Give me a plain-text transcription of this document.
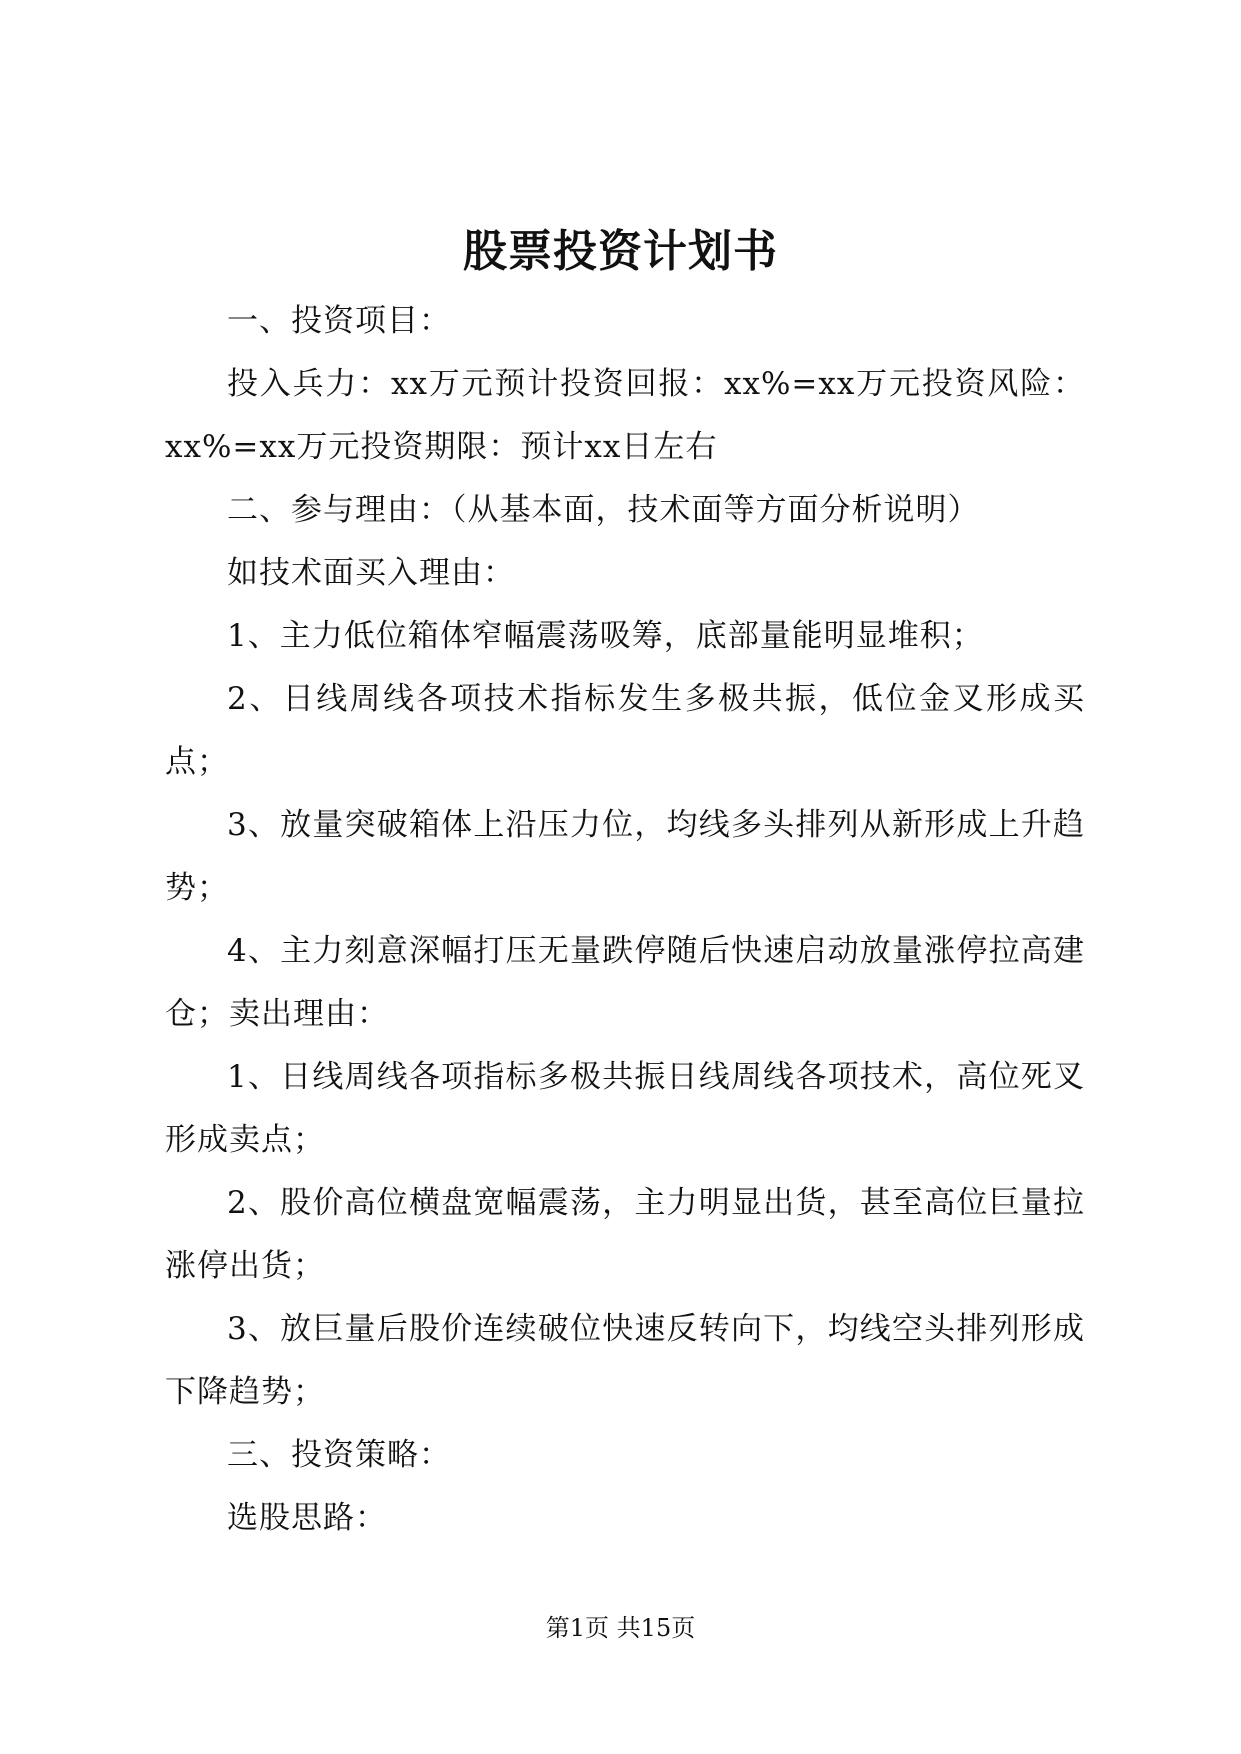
股票投资计划书

一、投资项目：

投入兵力：xx万元预计投资回报：xx%=xx万元投资风险：xx%=xx万元投资期限：预计xx日左右

二、参与理由：（从基本面，技术面等方面分析说明）

如技术面买入理由：

1、主力低位箱体窄幅震荡吸筹，底部量能明显堆积；

2、日线周线各项技术指标发生多极共振，低位金叉形成买点；

3、放量突破箱体上沿压力位，均线多头排列从新形成上升趋势；

4、主力刻意深幅打压无量跌停随后快速启动放量涨停拉高建仓；卖出理由：

1、日线周线各项指标多极共振日线周线各项技术，高位死叉形成卖点；

2、股价高位横盘宽幅震荡，主力明显出货，甚至高位巨量拉涨停出货；

3、放巨量后股价连续破位快速反转向下，均线空头排列形成下降趋势；

三、投资策略：

选股思路：

第1页 共15页
